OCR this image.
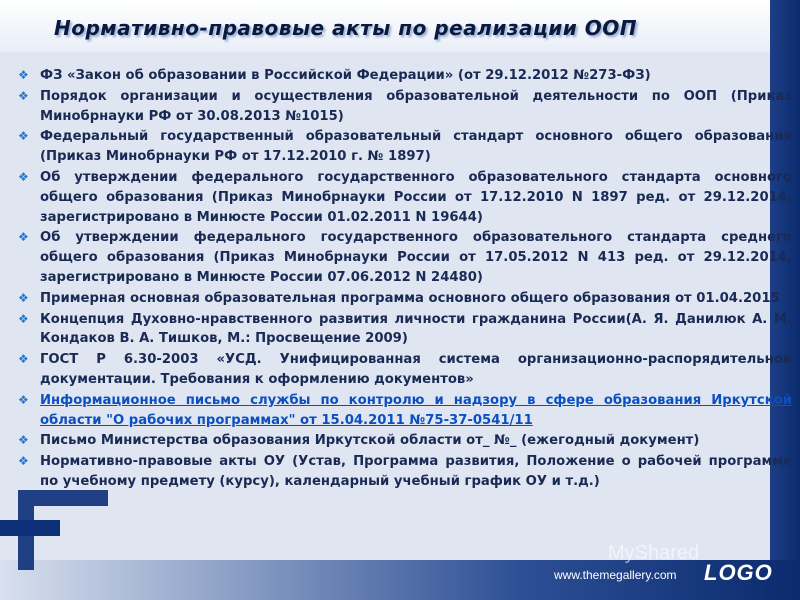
Нормативно-правовые акты по реализации ООП
❖ ФЗ «Закон об образовании в Российской Федерации» (от 29.12.2012 №273-ФЗ)
❖ Порядок организации и осуществления образовательной деятельности по ООП (Приказ Минобрнауки РФ от 30.08.2013 №1015)
❖ Федеральный государственный образовательный стандарт основного общего образования (Приказ Минобрнауки РФ от 17.12.2010 г. № 1897)
❖ Об утверждении федерального государственного образовательного стандарта основного общего образования (Приказ Минобрнауки России от 17.12.2010 N 1897 ред. от 29.12.2014, зарегистрировано в Минюсте России 01.02.2011 N 19644)
❖ Об утверждении федерального государственного образовательного стандарта среднего общего образования (Приказ Минобрнауки России от 17.05.2012 N 413 ред. от 29.12.2014, зарегистрировано в Минюсте России 07.06.2012 N 24480)
❖ Примерная основная образовательная программа основного общего образования от 01.04.2015
❖ Концепция Духовно-нравственного развития личности гражданина России(А. Я. Данилюк А. М. Кондаков В. А. Тишков, М.: Просвещение 2009)
❖ ГОСТ Р 6.30-2003 «УСД. Унифицированная система организационно-распорядительной документации. Требования к оформлению документов»
❖ Информационное письмо службы по контролю и надзору в сфере образования Иркутской области "О рабочих программах" от 15.04.2011 №75-37-0541/11
❖ Письмо Министерства образования Иркутской области от_ №_ (ежегодный документ)
❖ Нормативно-правовые акты ОУ (Устав, Программа развития, Положение о рабочей программе по учебному предмету (курсу), календарный учебный график ОУ и т.д.)
MyShared
www.themegallery.com	LOGO
